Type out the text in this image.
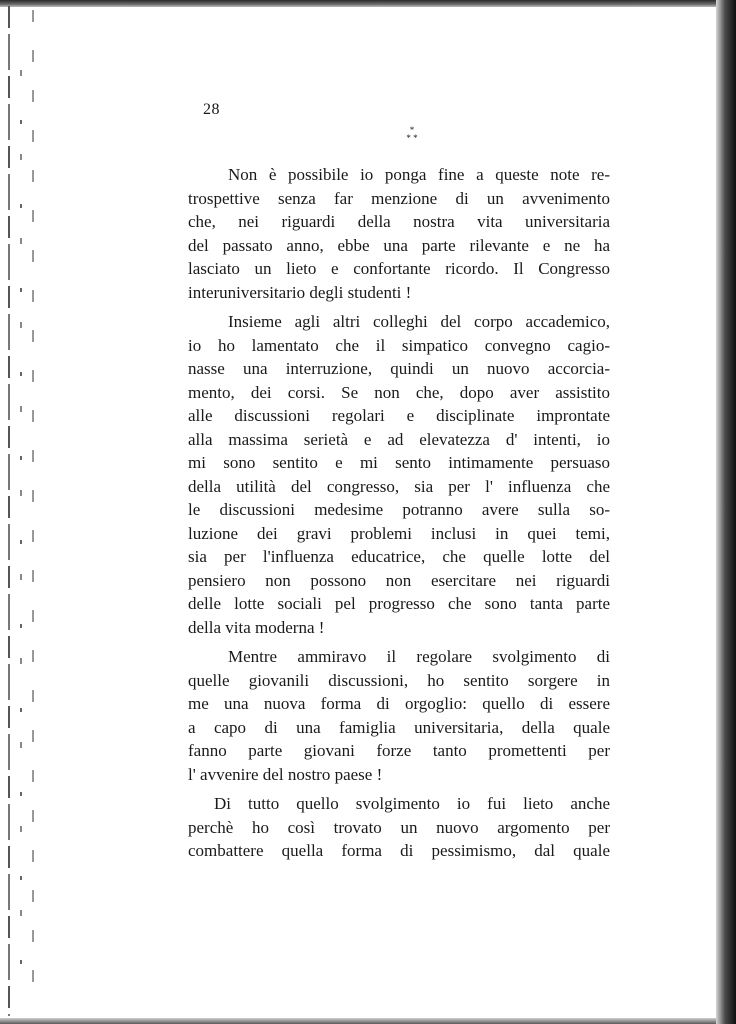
28
*
* *
Non è possibile io ponga fine a queste note re-
trospettive senza far menzione di un avvenimento
che, nei riguardi della nostra vita universitaria
del passato anno, ebbe una parte rilevante e ne ha
lasciato un lieto e confortante ricordo. Il Congresso
interuniversitario degli studenti !
Insieme agli altri colleghi del corpo accademico,
io ho lamentato che il simpatico convegno cagio-
nasse una interruzione, quindi un nuovo accorcia-
mento, dei corsi. Se non che, dopo aver assistito
alle discussioni regolari e disciplinate improntate
alla massima serietà e ad elevatezza d' intenti, io
mi sono sentito e mi sento intimamente persuaso
della utilità del congresso, sia per l' influenza che
le discussioni medesime potranno avere sulla so-
luzione dei gravi problemi inclusi in quei temi,
sia per l'influenza educatrice, che quelle lotte del
pensiero non possono non esercitare nei riguardi
delle lotte sociali pel progresso che sono tanta parte
della vita moderna !
Mentre ammiravo il regolare svolgimento di
quelle giovanili discussioni, ho sentito sorgere in
me una nuova forma di orgoglio: quello di essere
a capo di una famiglia universitaria, della quale
fanno parte giovani forze tanto promettenti per
l' avvenire del nostro paese !
Di tutto quello svolgimento io fui lieto anche
perchè ho così trovato un nuovo argomento per
combattere quella forma di pessimismo, dal quale
